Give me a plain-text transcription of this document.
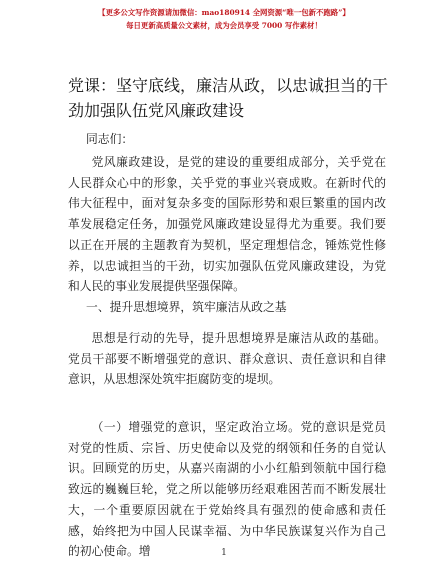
【更多公文写作资源请加微信：mao180914 全网资源“唯一包新不跑路”】
每日更新高质量公文素材，成为会员享受 7000 写作素材！
党课：坚守底线，廉洁从政，以忠诚担当的干劲加强队伍党风廉政建设
同志们：

党风廉政建设，是党的建设的重要组成部分，关乎党在人民群众心中的形象，关乎党的事业兴衰成败。在新时代的伟大征程中，面对复杂多变的国际形势和艰巨繁重的国内改革发展稳定任务，加强党风廉政建设显得尤为重要。我们要以正在开展的主题教育为契机，坚定理想信念，锤炼党性修养，以忠诚担当的干劲，切实加强队伍党风廉政建设，为党和人民的事业发展提供坚强保障。

一、提升思想境界，筑牢廉洁从政之基

思想是行动的先导，提升思想境界是廉洁从政的基础。党员干部要不断增强党的意识、群众意识、责任意识和自律意识，从思想深处筑牢拒腐防变的堤坝。

（一）增强党的意识，坚定政治立场。党的意识是党员对党的性质、宗旨、历史使命以及党的纲领和任务的自觉认识。回顾党的历史，从嘉兴南湖的小小红船到领航中国行稳致远的巍巍巨轮，党之所以能够历经艰难困苦而不断发展壮大，一个重要原因就在于党始终具有强烈的使命感和责任感，始终把为中国人民谋幸福、为中华民族谋复兴作为自己的初心使命。增	1
